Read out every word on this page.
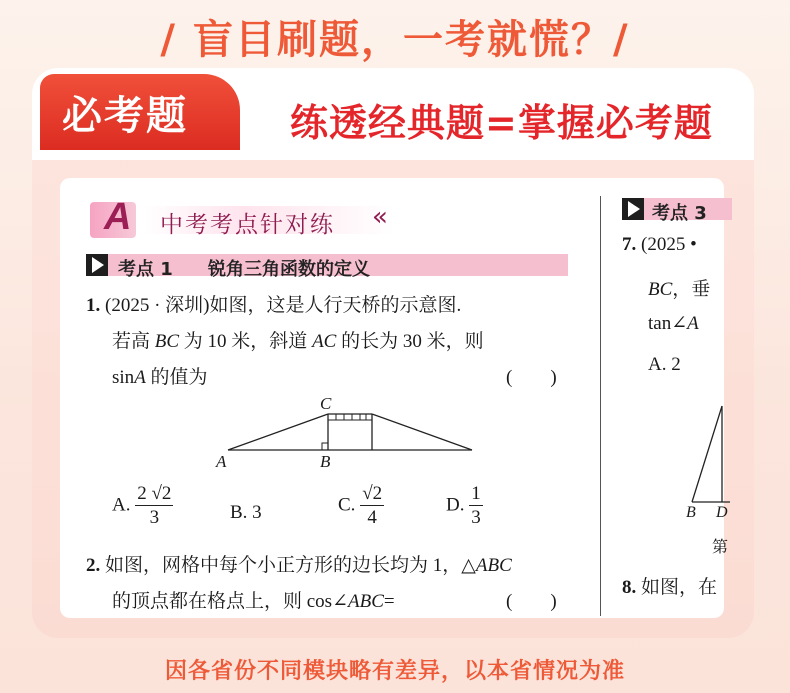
/ 盲目刷题，一考就慌？/
必考题	练透经典题=掌握必考题
A 中考考点针对练 «
考点 1 锐角三角函数的定义
1. (2025 · 深圳)如图，这是人行天桥的示意图.
若高 BC 为 10 米，斜道 AC 的长为 30 米，则
sinA 的值为	(　　)
C
A	B
A. $\frac{2 √2}{3}$	B. 3	C. $\frac{√2}{4}$	D. $\frac{1}{3}$
2. 如图，网格中每个小正方形的边长均为 1，△ABC
的顶点都在格点上，则 cos∠ABC=	(　　)
考点 3
7. (2025 •
BC，垂
tan∠A
A. 2
B D
第
8. 如图，在
因各省份不同模块略有差异，以本省情况为准
